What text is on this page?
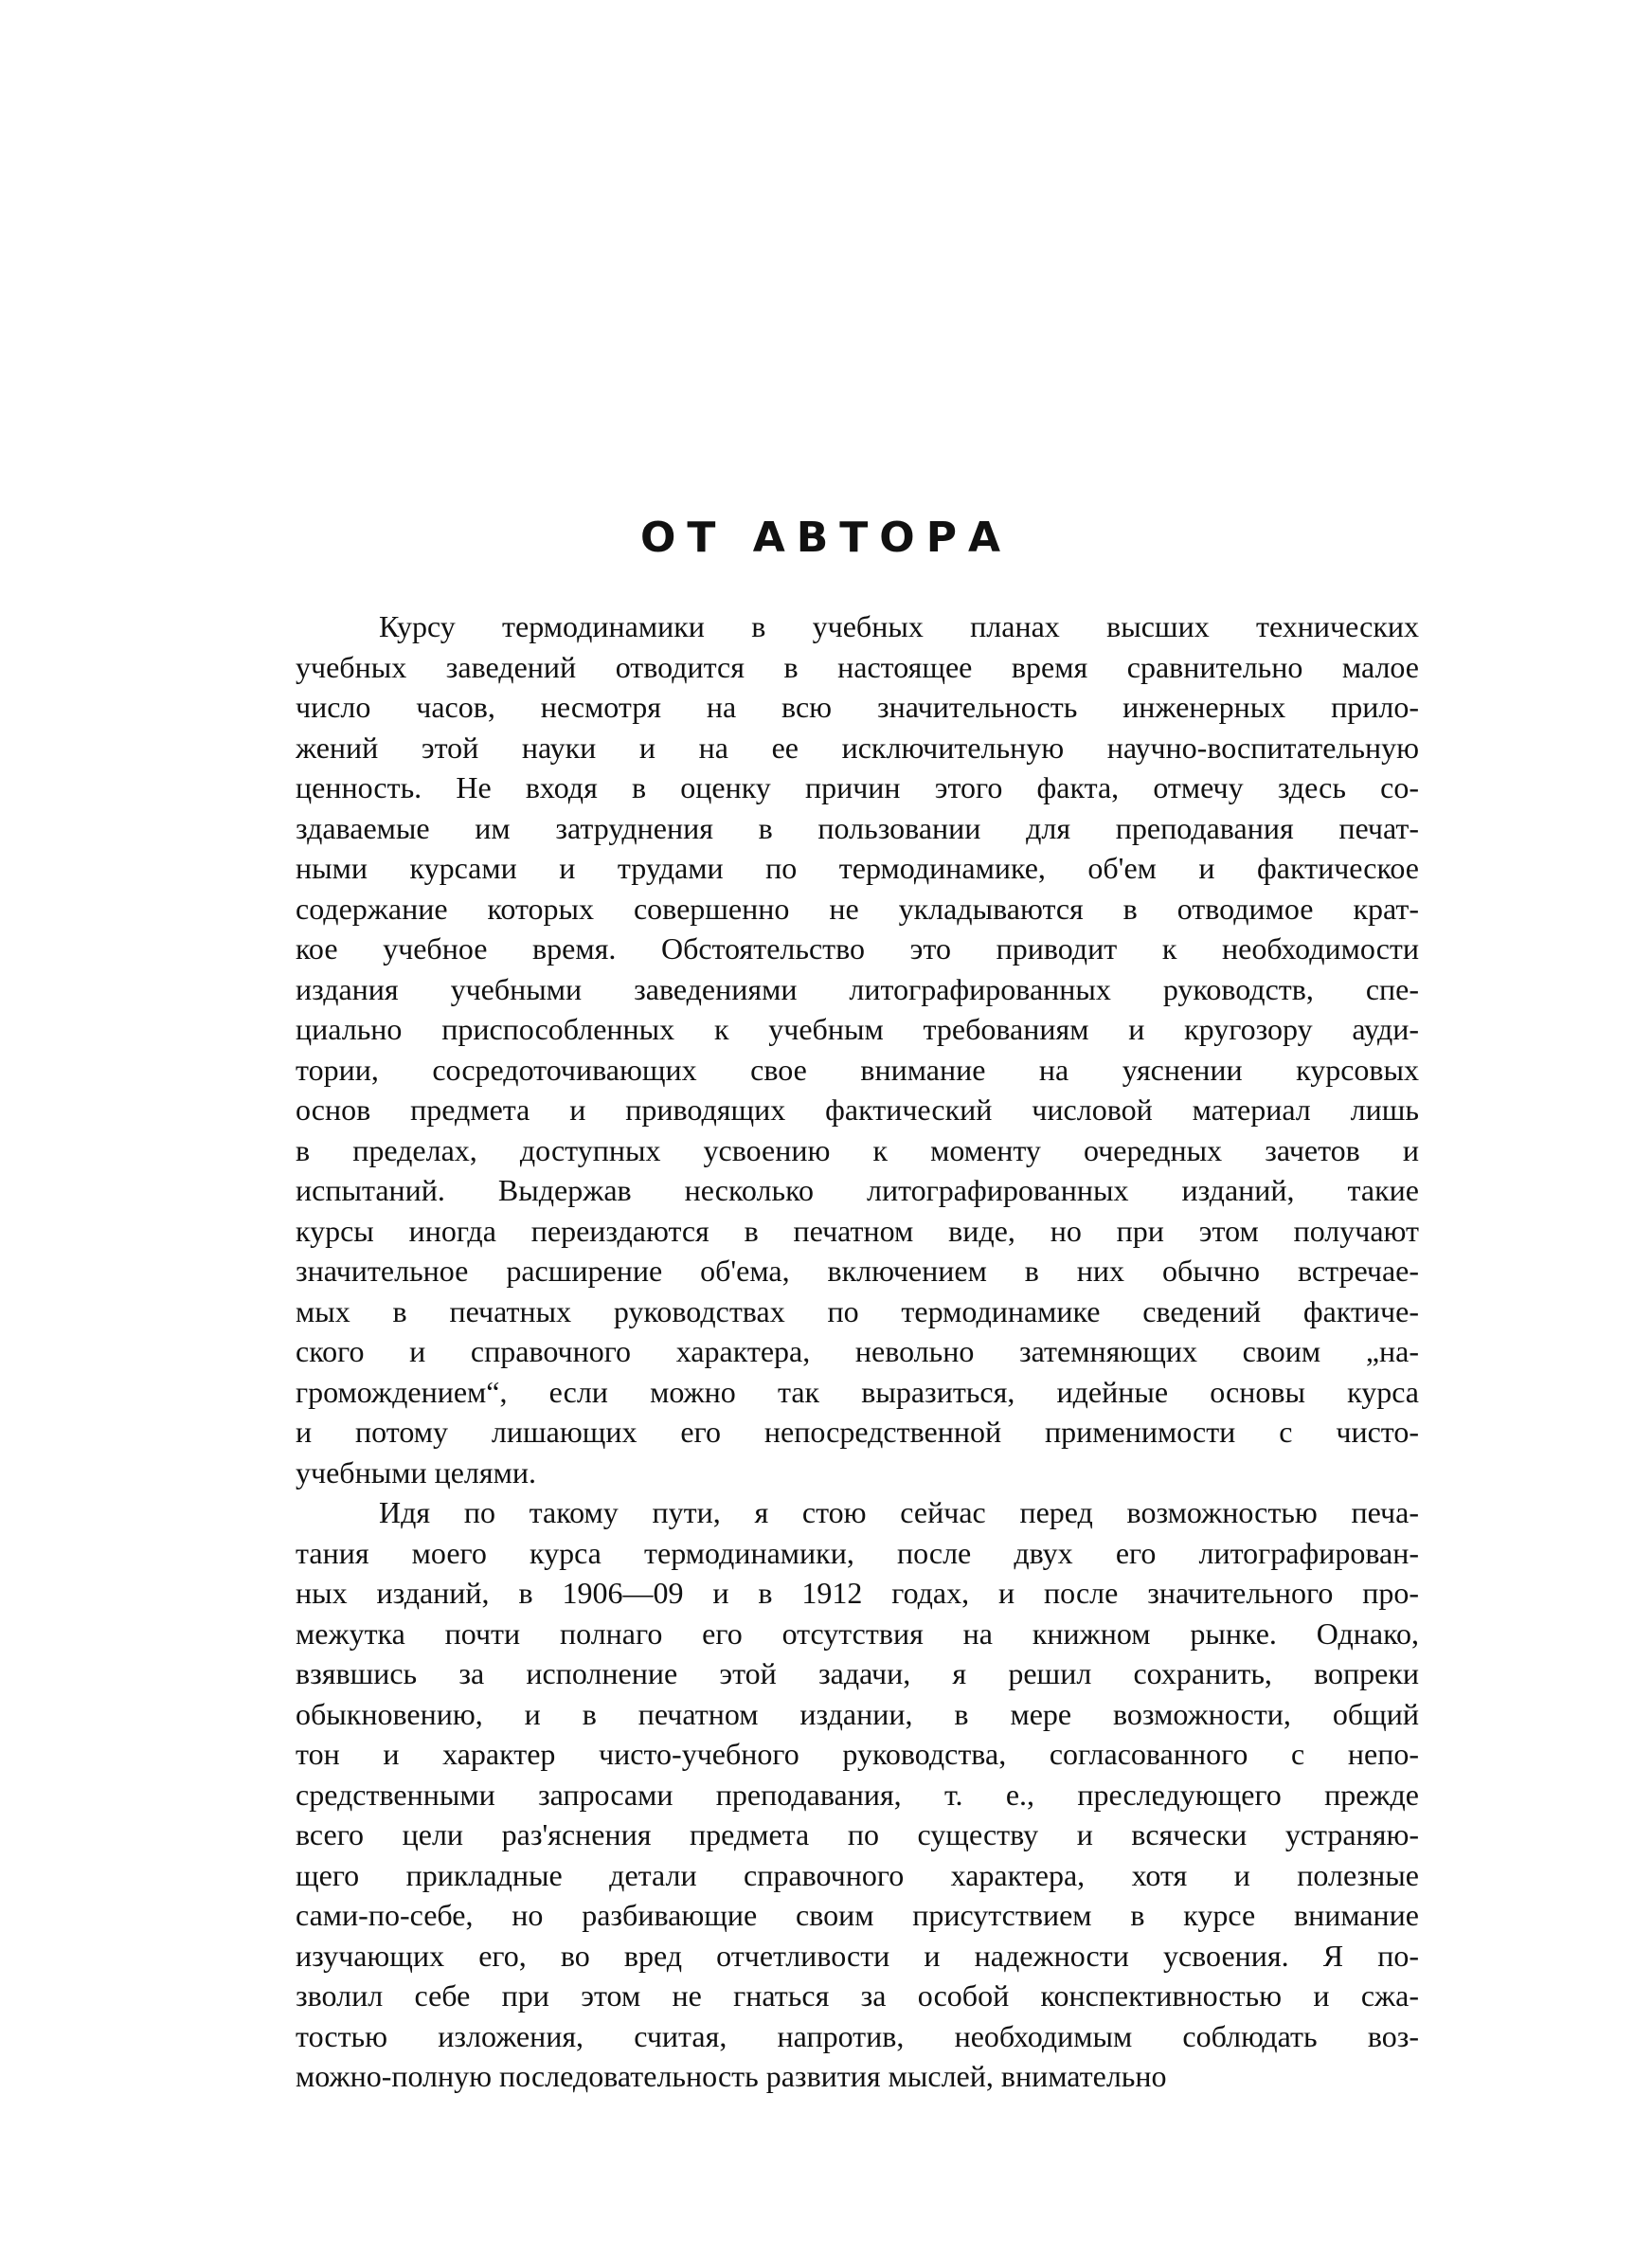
ОТ АВТОРА
Курсу термодинамики в учебных планах высших технических
учебных заведений отводится в настоящее время сравнительно малое
число часов, несмотря на всю значительность инженерных прило-
жений этой науки и на ее исключительную научно-воспитательную
ценность. Не входя в оценку причин этого факта, отмечу здесь со-
здаваемые им затруднения в пользовании для преподавания печат-
ными курсами и трудами по термодинамике, об'ем и фактическое
содержание которых совершенно не укладываются в отводимое крат-
кое учебное время. Обстоятельство это приводит к необходимости
издания учебными заведениями литографированных руководств, спе-
циально приспособленных к учебным требованиям и кругозору ауди-
тории, сосредоточивающих свое внимание на уяснении курсовых
основ предмета и приводящих фактический числовой материал лишь
в пределах, доступных усвоению к моменту очередных зачетов и
испытаний. Выдержав несколько литографированных изданий, такие
курсы иногда переиздаются в печатном виде, но при этом получают
значительное расширение об'ема, включением в них обычно встречае-
мых в печатных руководствах по термодинамике сведений фактиче-
ского и справочного характера, невольно затемняющих своим „на-
громождением“, если можно так выразиться, идейные основы курса
и потому лишающих его непосредственной применимости с чисто-
учебными целями.
Идя по такому пути, я стою сейчас перед возможностью печа-
тания моего курса термодинамики, после двух его литографирован-
ных изданий, в 1906—09 и в 1912 годах, и после значительного про-
межутка почти полнаго его отсутствия на книжном рынке. Однако,
взявшись за исполнение этой задачи, я решил сохранить, вопреки
обыкновению, и в печатном издании, в мере возможности, общий
тон и характер чисто-учебного руководства, согласованного с непо-
средственными запросами преподавания, т. е., преследующего прежде
всего цели раз'яснения предмета по существу и всячески устраняю-
щего прикладные детали справочного характера, хотя и полезные
сами-по-себе, но разбивающие своим присутствием в курсе внимание
изучающих его, во вред отчетливости и надежности усвоения. Я по-
зволил себе при этом не гнаться за особой конспективностью и сжа-
тостью изложения, считая, напротив, необходимым соблюдать воз-
можно-полную последовательность развития мыслей, внимательно
